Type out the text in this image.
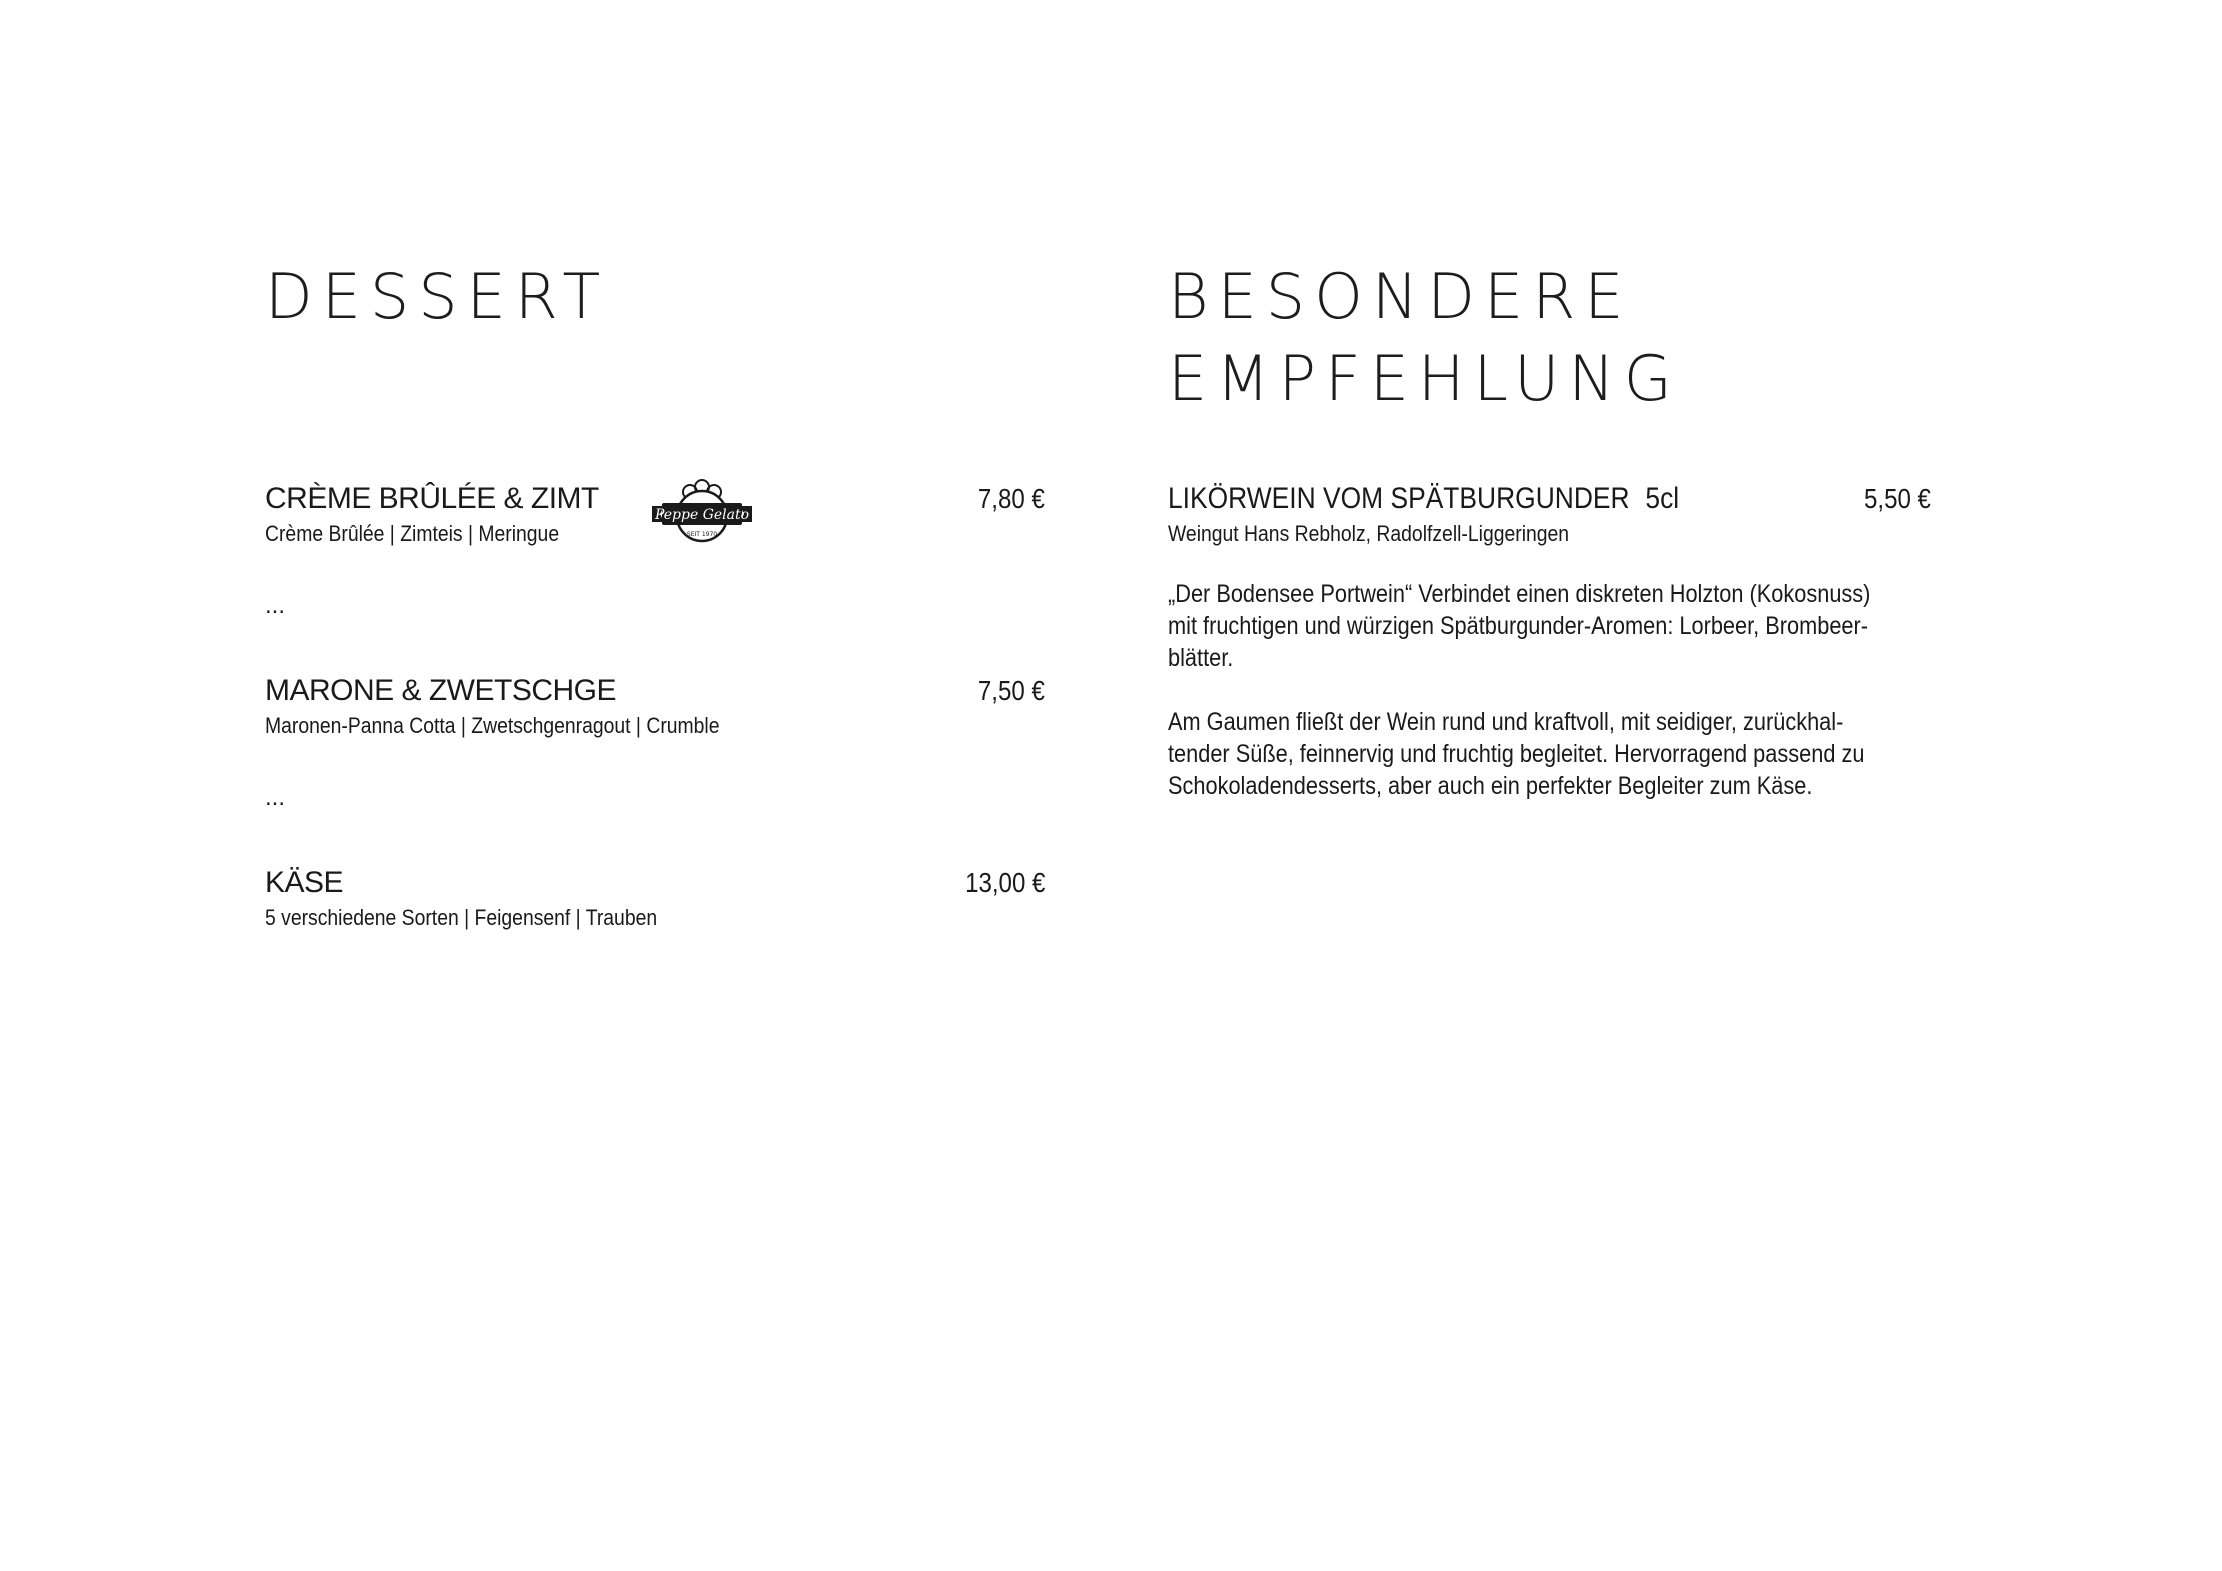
DESSERT
CRÈME BRÛLÉE & ZIMT
Crème Brûlée | Zimteis | Meringue
7,80 €
Peppe Gelato
SEIT 1970
...
MARONE & ZWETSCHGE
Maronen-Panna Cotta | Zwetschgenragout | Crumble
7,50 €
...
KÄSE
5 verschiedene Sorten | Feigensenf | Trauben
13,00 €
BESONDERE
EMPFEHLUNG
LIKÖRWEIN VOM SPÄTBURGUNDER 5cl	5,50 €
Weingut Hans Rebholz, Radolfzell-Liggeringen

„Der Bodensee Portwein“ Verbindet einen diskreten Holzton (Kokosnuss)
mit fruchtigen und würzigen Spätburgunder-Aromen: Lorbeer, Brombeer-
blätter.

Am Gaumen fließt der Wein rund und kraftvoll, mit seidiger, zurückhal-
tender Süße, feinnervig und fruchtig begleitet. Hervorragend passend zu
Schokoladendesserts, aber auch ein perfekter Begleiter zum Käse.
